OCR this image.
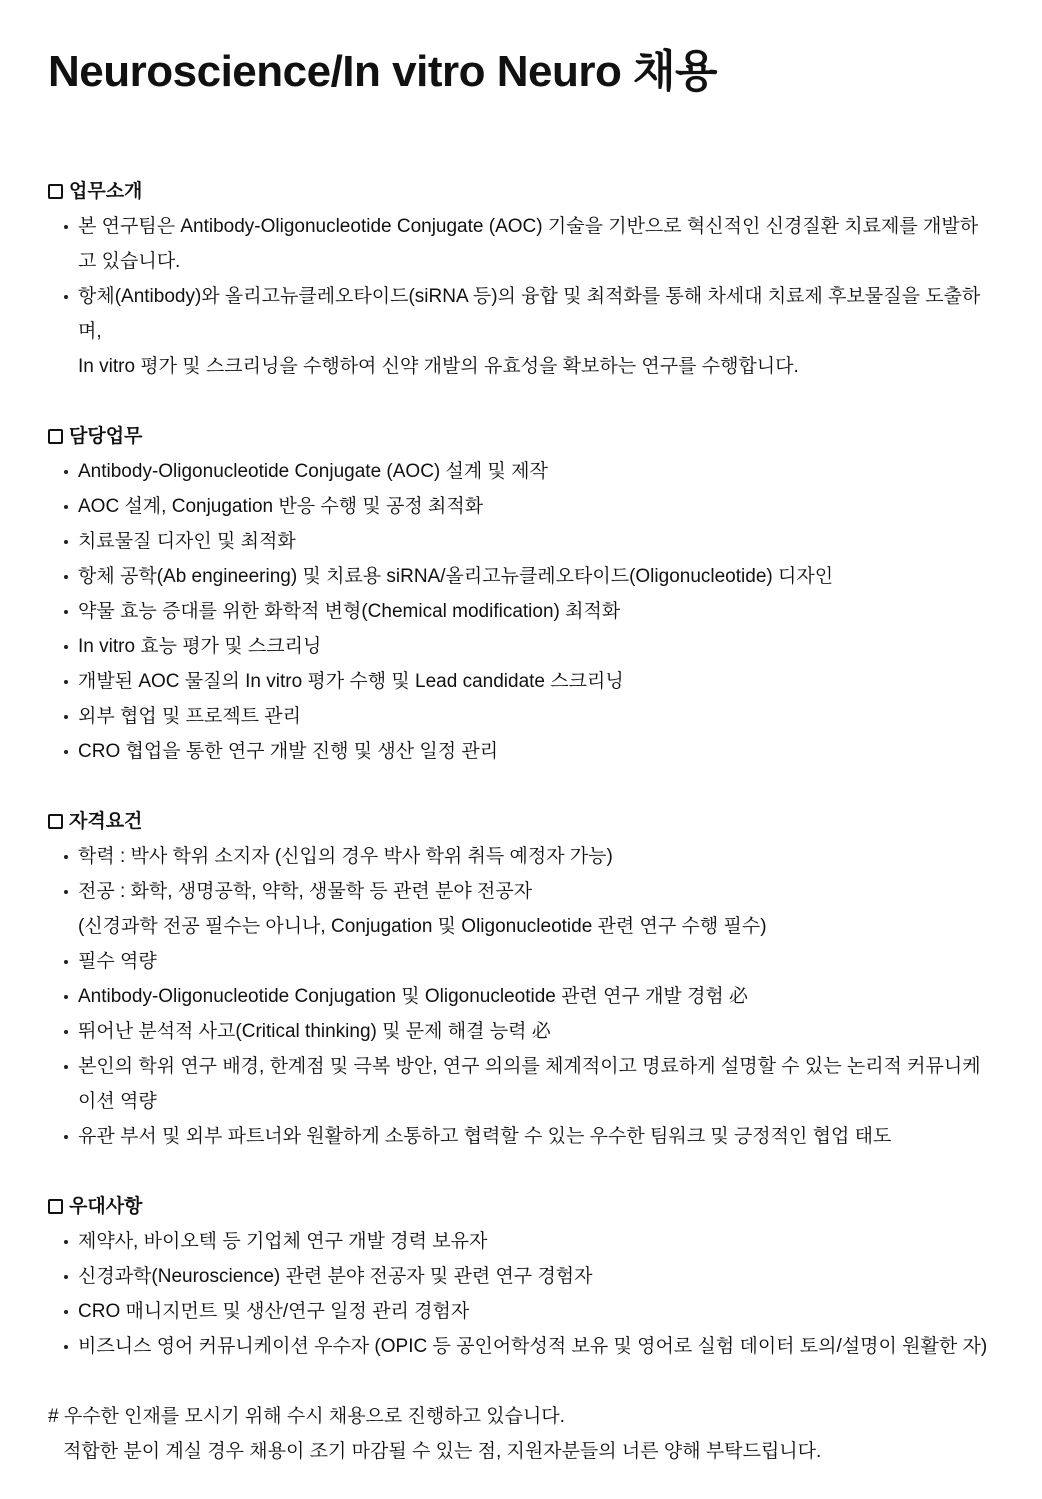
Neuroscience/In vitro Neuro 채용
업무소개
본 연구팀은 Antibody-Oligonucleotide Conjugate (AOC) 기술을 기반으로 혁신적인 신경질환 치료제를 개발하고 있습니다.
항체(Antibody)와 올리고뉴클레오타이드(siRNA 등)의 융합 및 최적화를 통해 차세대 치료제 후보물질을 도출하며,
In vitro 평가 및 스크리닝을 수행하여 신약 개발의 유효성을 확보하는 연구를 수행합니다.
담당업무
Antibody-Oligonucleotide Conjugate (AOC) 설계 및 제작
AOC 설계, Conjugation 반응 수행 및 공정 최적화
치료물질 디자인 및 최적화
항체 공학(Ab engineering) 및 치료용 siRNA/올리고뉴클레오타이드(Oligonucleotide) 디자인
약물 효능 증대를 위한 화학적 변형(Chemical modification) 최적화
In vitro 효능 평가 및 스크리닝
개발된 AOC 물질의 In vitro 평가 수행 및 Lead candidate 스크리닝
외부 협업 및 프로젝트 관리
CRO 협업을 통한 연구 개발 진행 및 생산 일정 관리
자격요건
학력 : 박사 학위 소지자 (신입의 경우 박사 학위 취득 예정자 가능)
전공 : 화학, 생명공학, 약학, 생물학 등 관련 분야 전공자
(신경과학 전공 필수는 아니나, Conjugation 및 Oligonucleotide 관련 연구 수행 필수)
필수 역량
Antibody-Oligonucleotide Conjugation 및 Oligonucleotide 관련 연구 개발 경험 必
뛰어난 분석적 사고(Critical thinking) 및 문제 해결 능력 必
본인의 학위 연구 배경, 한계점 및 극복 방안, 연구 의의를 체계적이고 명료하게 설명할 수 있는 논리적 커뮤니케이션 역량
유관 부서 및 외부 파트너와 원활하게 소통하고 협력할 수 있는 우수한 팀워크 및 긍정적인 협업 태도
우대사항
제약사, 바이오텍 등 기업체 연구 개발 경력 보유자
신경과학(Neuroscience) 관련 분야 전공자 및 관련 연구 경험자
CRO 매니지먼트 및 생산/연구 일정 관리 경험자
비즈니스 영어 커뮤니케이션 우수자 (OPIC 등 공인어학성적 보유 및 영어로 실험 데이터 토의/설명이 원활한 자)
# 우수한 인재를 모시기 위해 수시 채용으로 진행하고 있습니다.
적합한 분이 계실 경우 채용이 조기 마감될 수 있는 점, 지원자분들의 너른 양해 부탁드립니다.
